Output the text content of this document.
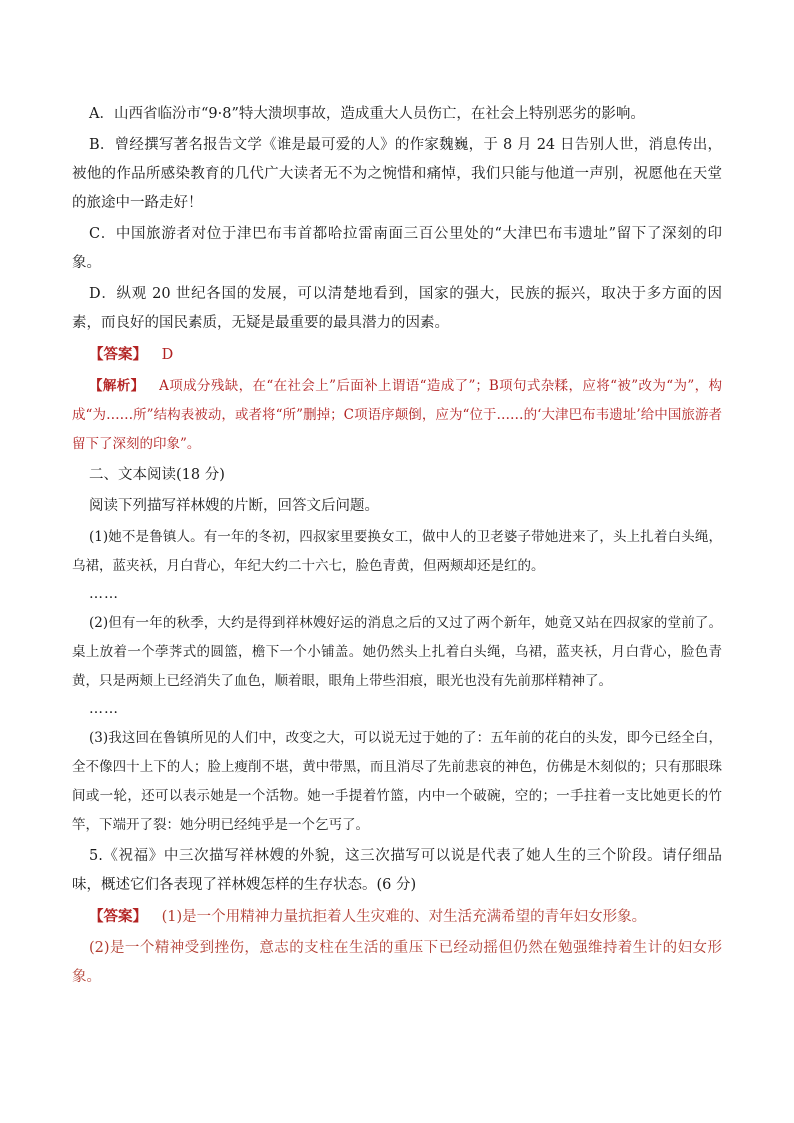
A．山西省临汾市“9·8”特大溃坝事故，造成重大人员伤亡，在社会上特别恶劣的影响。

B．曾经撰写著名报告文学《谁是最可爱的人》的作家魏巍，于 8 月 24 日告别人世，消息传出，被他的作品所感染教育的几代广大读者无不为之惋惜和痛悼，我们只能与他道一声别，祝愿他在天堂的旅途中一路走好！

C．中国旅游者对位于津巴布韦首都哈拉雷南面三百公里处的“大津巴布韦遗址”留下了深刻的印象。

D．纵观 20 世纪各国的发展，可以清楚地看到，国家的强大，民族的振兴，取决于多方面的因素，而良好的国民素质，无疑是最重要的最具潜力的因素。

【答案】 D

【解析】 A项成分残缺，在“在社会上”后面补上谓语“造成了”；B项句式杂糅，应将“被”改为“为”，构成“为……所”结构表被动，或者将“所”删掉；C项语序颠倒，应为“位于……的‘大津巴布韦遗址’给中国旅游者留下了深刻的印象”。

二、文本阅读(18 分)

阅读下列描写祥林嫂的片断，回答文后问题。

(1)她不是鲁镇人。有一年的冬初，四叔家里要换女工，做中人的卫老婆子带她进来了，头上扎着白头绳，乌裙，蓝夹袄，月白背心，年纪大约二十六七，脸色青黄，但两颊却还是红的。

……

(2)但有一年的秋季，大约是得到祥林嫂好运的消息之后的又过了两个新年，她竟又站在四叔家的堂前了。桌上放着一个荸荠式的圆篮，檐下一个小铺盖。她仍然头上扎着白头绳，乌裙，蓝夹袄，月白背心，脸色青黄，只是两颊上已经消失了血色，顺着眼，眼角上带些泪痕，眼光也没有先前那样精神了。

……

(3)我这回在鲁镇所见的人们中，改变之大，可以说无过于她的了：五年前的花白的头发，即今已经全白，全不像四十上下的人；脸上瘦削不堪，黄中带黑，而且消尽了先前悲哀的神色，仿佛是木刻似的；只有那眼珠间或一轮，还可以表示她是一个活物。她一手提着竹篮，内中一个破碗，空的；一手拄着一支比她更长的竹竿，下端开了裂：她分明已经纯乎是一个乞丐了。

5.《祝福》中三次描写祥林嫂的外貌，这三次描写可以说是代表了她人生的三个阶段。请仔细品味，概述它们各表现了祥林嫂怎样的生存状态。(6 分)

【答案】 (1)是一个用精神力量抗拒着人生灾难的、对生活充满希望的青年妇女形象。

(2)是一个精神受到挫伤，意志的支柱在生活的重压下已经动摇但仍然在勉强维持着生计的妇女形象。
